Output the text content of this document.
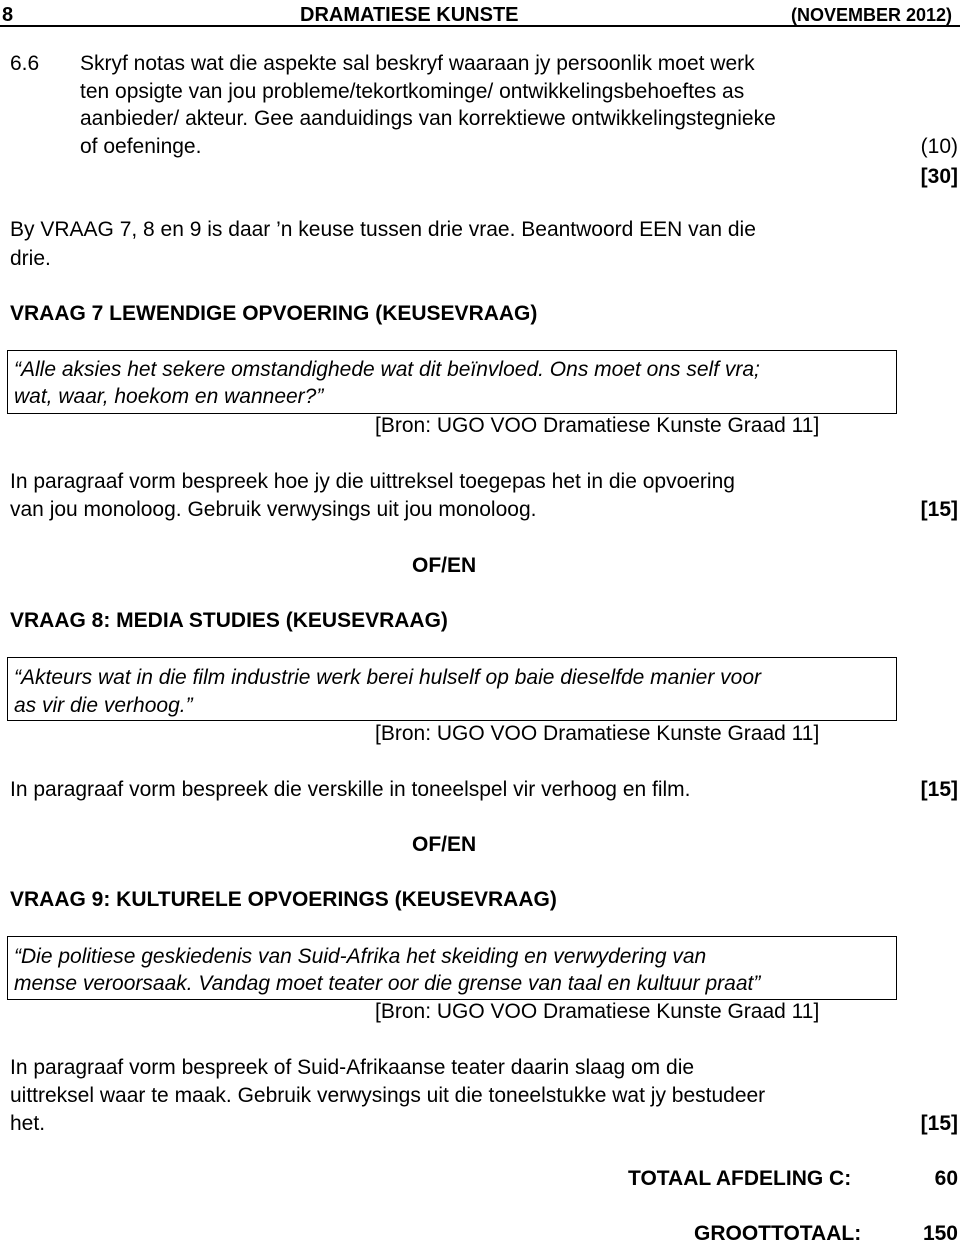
8	DRAMATIESE KUNSTE	(NOVEMBER 2012)
6.6 Skryf notas wat die aspekte sal beskryf waaraan jy persoonlik moet werk
ten opsigte van jou probleme/tekortkominge/ ontwikkelingsbehoeftes as
aanbieder/ akteur. Gee aanduidings van korrektiewe ontwikkelingstegnieke
of oefeninge.	(10)
[30]
By VRAAG 7, 8 en 9 is daar ’n keuse tussen drie vrae. Beantwoord EEN van die
drie.
VRAAG 7 LEWENDIGE OPVOERING (KEUSEVRAAG)
“Alle aksies het sekere omstandighede wat dit beïnvloed. Ons moet ons self vra;
wat, waar, hoekom en wanneer?”
[Bron: UGO VOO Dramatiese Kunste Graad 11]
In paragraaf vorm bespreek hoe jy die uittreksel toegepas het in die opvoering
van jou monoloog. Gebruik verwysings uit jou monoloog.	[15]
OF/EN
VRAAG 8: MEDIA STUDIES (KEUSEVRAAG)
“Akteurs wat in die film industrie werk berei hulself op baie dieselfde manier voor
as vir die verhoog.”
[Bron: UGO VOO Dramatiese Kunste Graad 11]
In paragraaf vorm bespreek die verskille in toneelspel vir verhoog en film.	[15]
OF/EN
VRAAG 9: KULTURELE OPVOERINGS (KEUSEVRAAG)
“Die politiese geskiedenis van Suid-Afrika het skeiding en verwydering van
mense veroorsaak. Vandag moet teater oor die grense van taal en kultuur praat”
[Bron: UGO VOO Dramatiese Kunste Graad 11]
In paragraaf vorm bespreek of Suid-Afrikaanse teater daarin slaag om die
uittreksel waar te maak. Gebruik verwysings uit die toneelstukke wat jy bestudeer
het.	[15]
TOTAAL AFDELING C:	60
GROOTTOTAAL:	150
